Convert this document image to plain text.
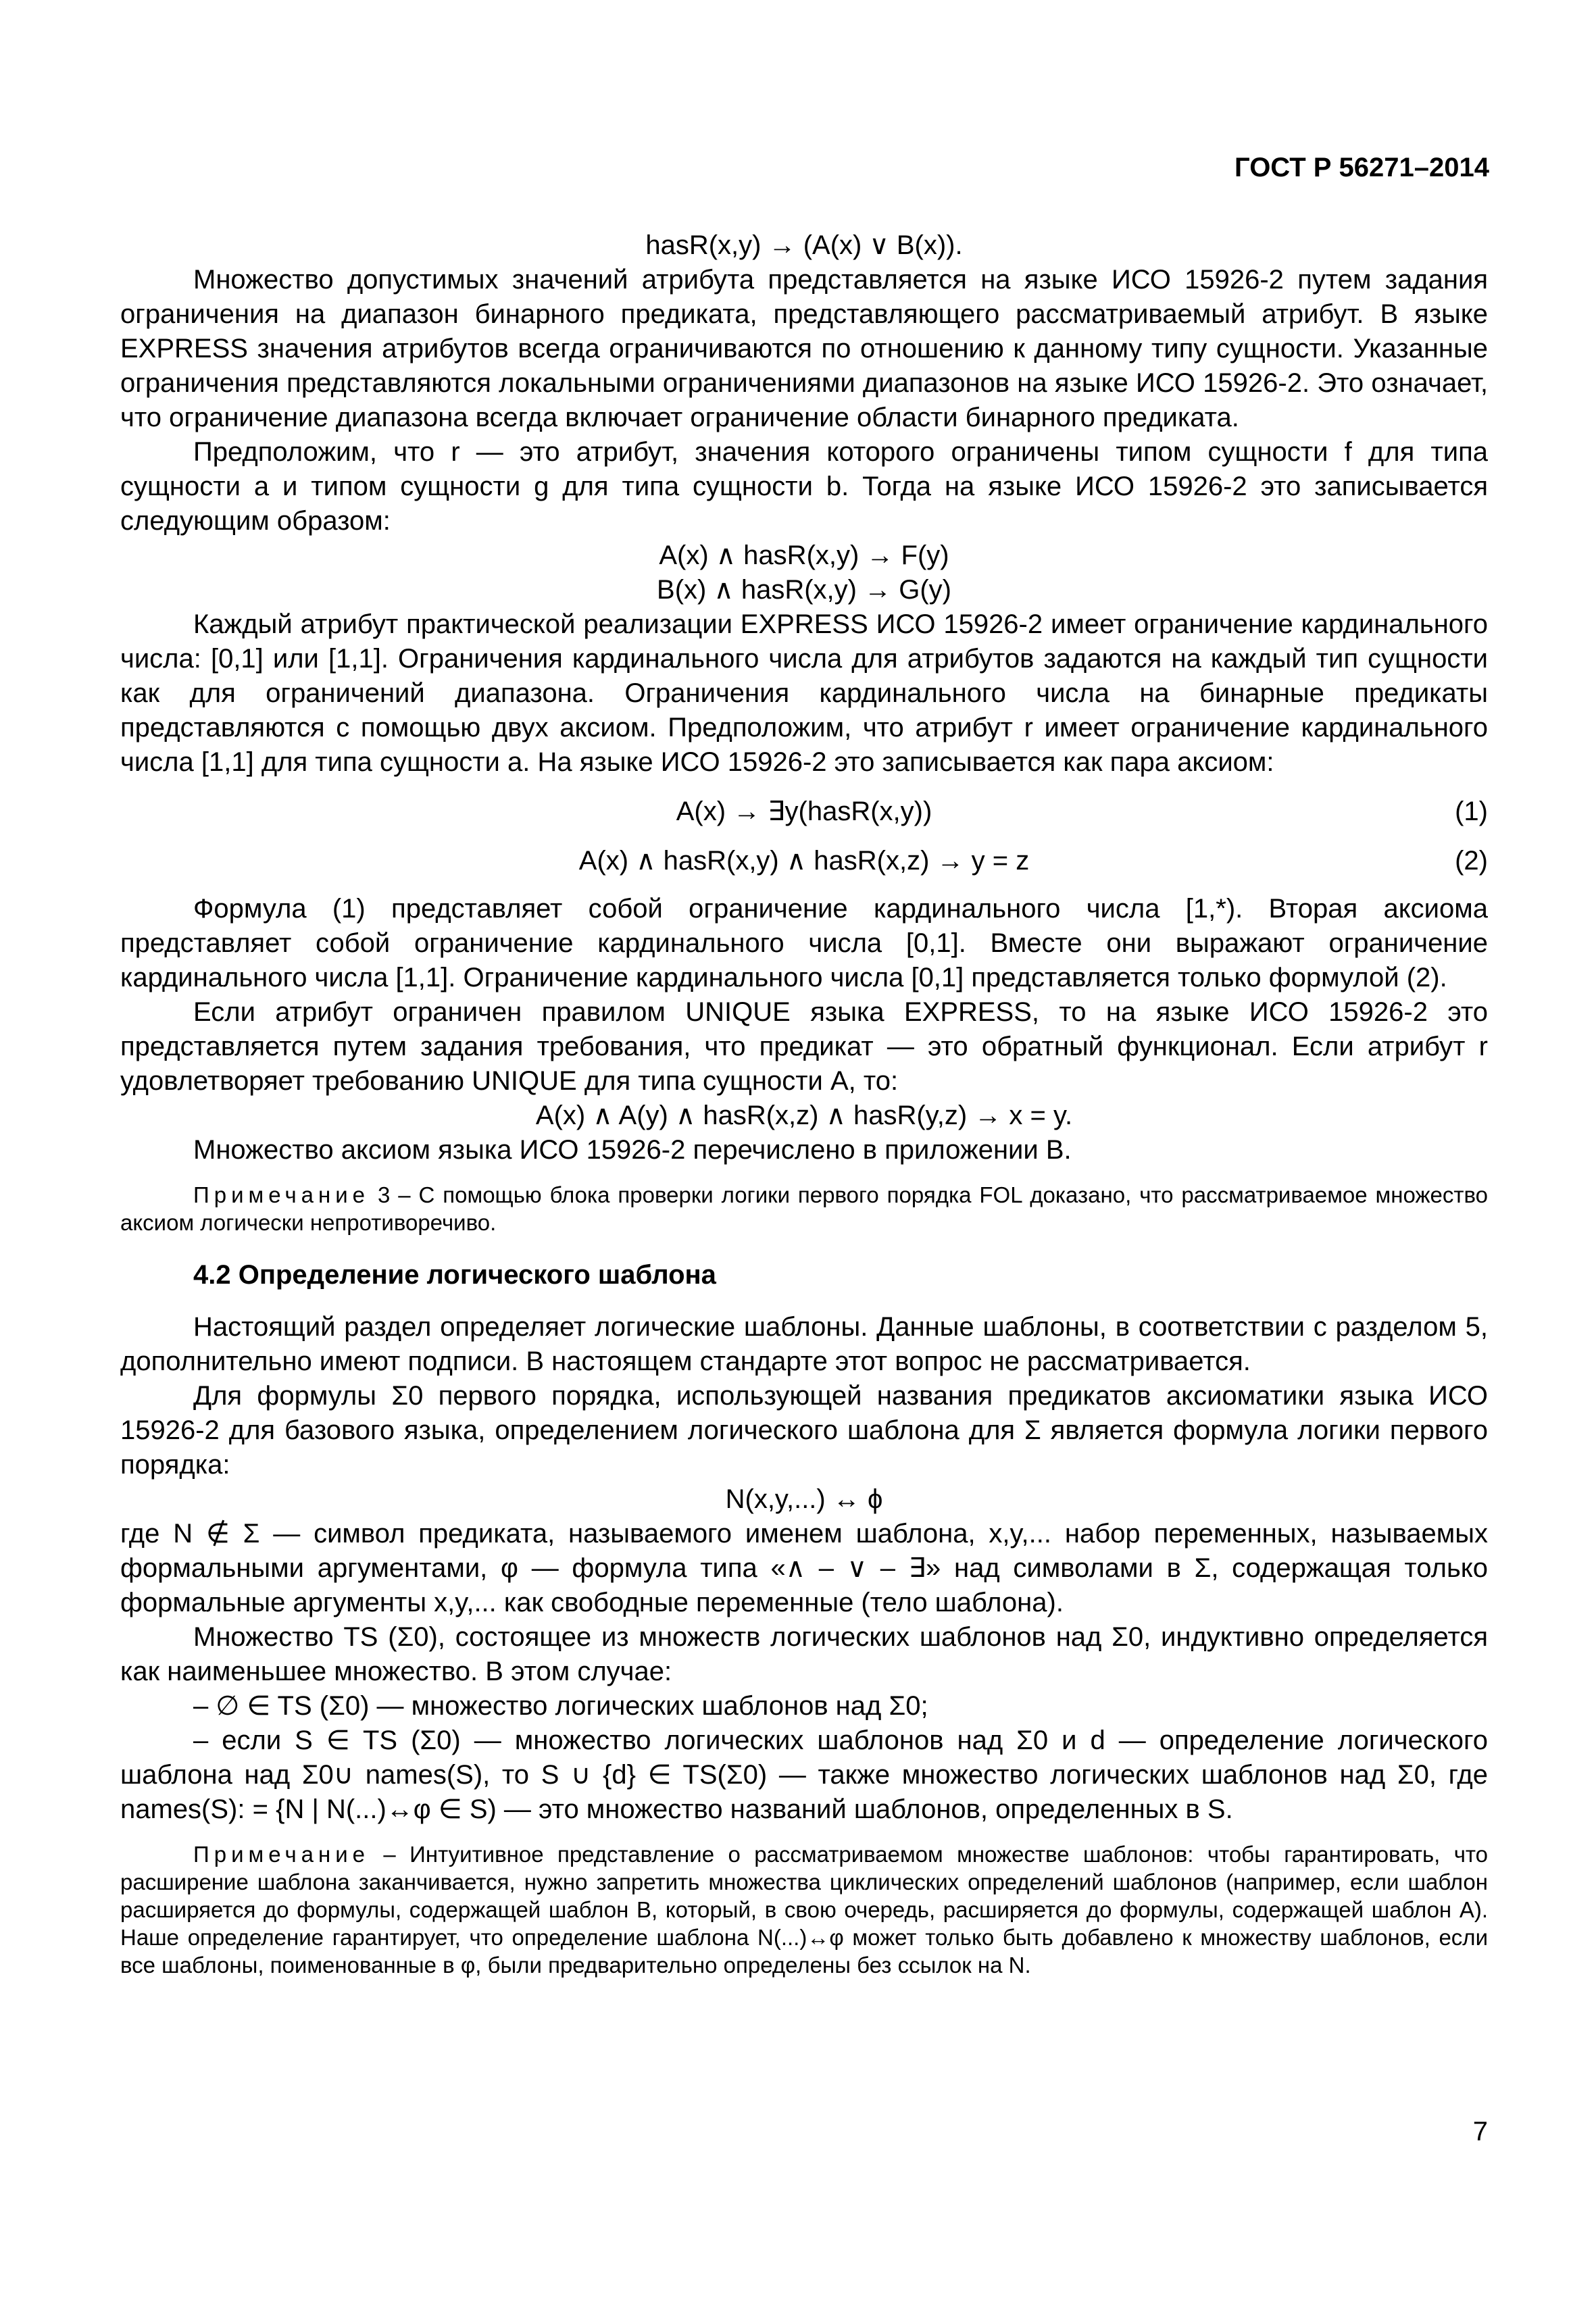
ГОСТ Р 56271–2014

hasR(x,y) → (A(x) ∨ B(x)).

Множество допустимых значений атрибута представляется на языке ИСО 15926-2 путем задания ограничения на диапазон бинарного предиката, представляющего рассматриваемый атрибут. В языке EXPRESS значения атрибутов всегда ограничиваются по отношению к данному типу сущности. Указанные ограничения представляются локальными ограничениями диапазонов на языке ИСО 15926-2. Это означает, что ограничение диапазона всегда включает ограничение области бинарного предиката.

Предположим, что r — это атрибут, значения которого ограничены типом сущности f для типа сущности a и типом сущности g для типа сущности b. Тогда на языке ИСО 15926-2 это записывается следующим образом:

A(x) ∧ hasR(x,y) → F(y)

B(x) ∧ hasR(x,y) → G(y)

Каждый атрибут практической реализации EXPRESS ИСО 15926-2 имеет ограничение кардинального числа: [0,1] или [1,1]. Ограничения кардинального числа для атрибутов задаются на каждый тип сущности как для ограничений диапазона. Ограничения кардинального числа на бинарные предикаты представляются с помощью двух аксиом. Предположим, что атрибут r имеет ограничение кардинального числа [1,1] для типа сущности a. На языке ИСО 15926-2 это записывается как пара аксиом:

A(x) → ∃y(hasR(x,y))	(1)
A(x) ∧ hasR(x,y) ∧ hasR(x,z) → y = z	(2)

Формула (1) представляет собой ограничение кардинального числа [1,*). Вторая аксиома представляет собой ограничение кардинального числа [0,1]. Вместе они выражают ограничение кардинального числа [1,1]. Ограничение кардинального числа [0,1] представляется только формулой (2).

Если атрибут ограничен правилом UNIQUE языка EXPRESS, то на языке ИСО 15926-2 это представляется путем задания требования, что предикат — это обратный функционал. Если атрибут r удовлетворяет требованию UNIQUE для типа сущности A, то:

A(x) ∧ A(y) ∧ hasR(x,z) ∧ hasR(y,z) → x = y.

Множество аксиом языка ИСО 15926-2 перечислено в приложении В.

Примечание 3 – С помощью блока проверки логики первого порядка FOL доказано, что рассматриваемое множество аксиом логически непротиворечиво.

4.2 Определение логического шаблона

Настоящий раздел определяет логические шаблоны. Данные шаблоны, в соответствии с разделом 5, дополнительно имеют подписи. В настоящем стандарте этот вопрос не рассматривается.

Для формулы Σ0 первого порядка, использующей названия предикатов аксиоматики языка ИСО 15926-2 для базового языка, определением логического шаблона для Σ является формула логики первого порядка:

N(x,y,...) ↔ ϕ

где N ∉ Σ — символ предиката, называемого именем шаблона, x,y,... набор переменных, называемых формальными аргументами, φ — формула типа «∧ – ∨ – ∃» над символами в Σ, содержащая только формальные аргументы x,y,... как свободные переменные (тело шаблона).

Множество TS (Σ0), состоящее из множеств логических шаблонов над Σ0, индуктивно определяется как наименьшее множество. В этом случае:

– ∅ ∈ TS (Σ0) — множество логических шаблонов над Σ0;

– если S ∈ TS (Σ0) — множество логических шаблонов над Σ0 и d — определение логического шаблона над Σ0∪ names(S), то S ∪ {d} ∈ TS(Σ0) — также множество логических шаблонов над Σ0, где names(S): = {N | N(...)↔φ ∈ S) — это множество названий шаблонов, определенных в S.

Примечание – Интуитивное представление о рассматриваемом множестве шаблонов: чтобы гарантировать, что расширение шаблона заканчивается, нужно запретить множества циклических определений шаблонов (например, если шаблон расширяется до формулы, содержащей шаблон B, который, в свою очередь, расширяется до формулы, содержащей шаблон A). Наше определение гарантирует, что определение шаблона N(...)↔φ может только быть добавлено к множеству шаблонов, если все шаблоны, поименованные в φ, были предварительно определены без ссылок на N.

7
